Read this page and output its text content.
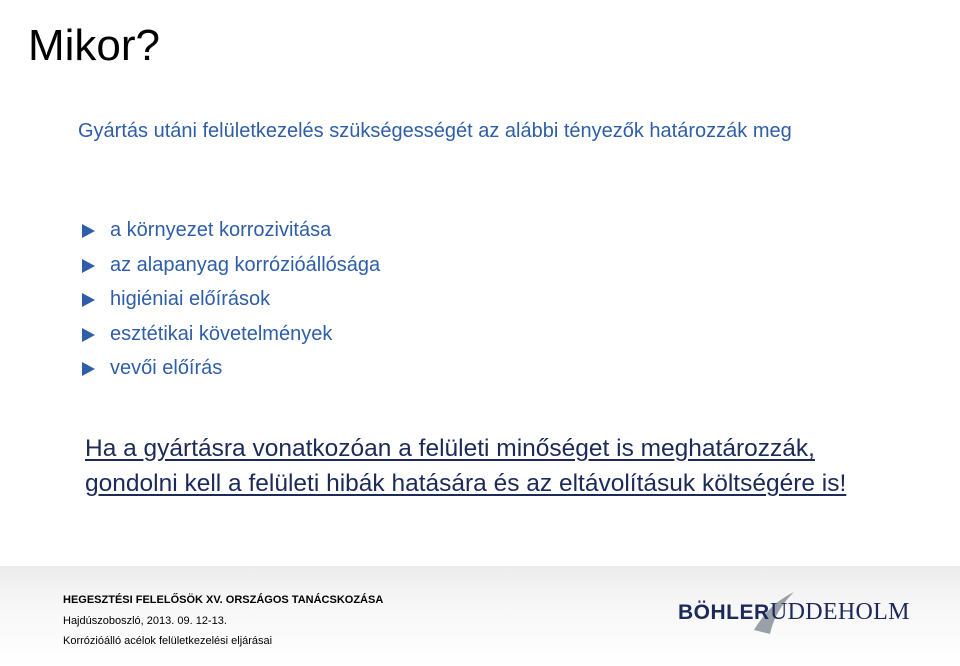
Mikor?
Gyártás utáni felületkezelés szükségességét az alábbi tényezők határozzák meg
a környezet korrozivitása
az alapanyag korrózióállósága
higiéniai előírások
esztétikai követelmények
vevői előírás
Ha a gyártásra vonatkozóan a felületi minőséget is meghatározzák, gondolni kell a felületi hibák hatására és az eltávolításuk költségére is!
HEGESZTÉSI FELELŐSÖK XV. ORSZÁGOS TANÁCSKOZÁSA
Hajdúszoboszló, 2013. 09. 12-13.
Korrózióálló acélok felületkezelési eljárásai
BÖHLER UDDEHOLM
